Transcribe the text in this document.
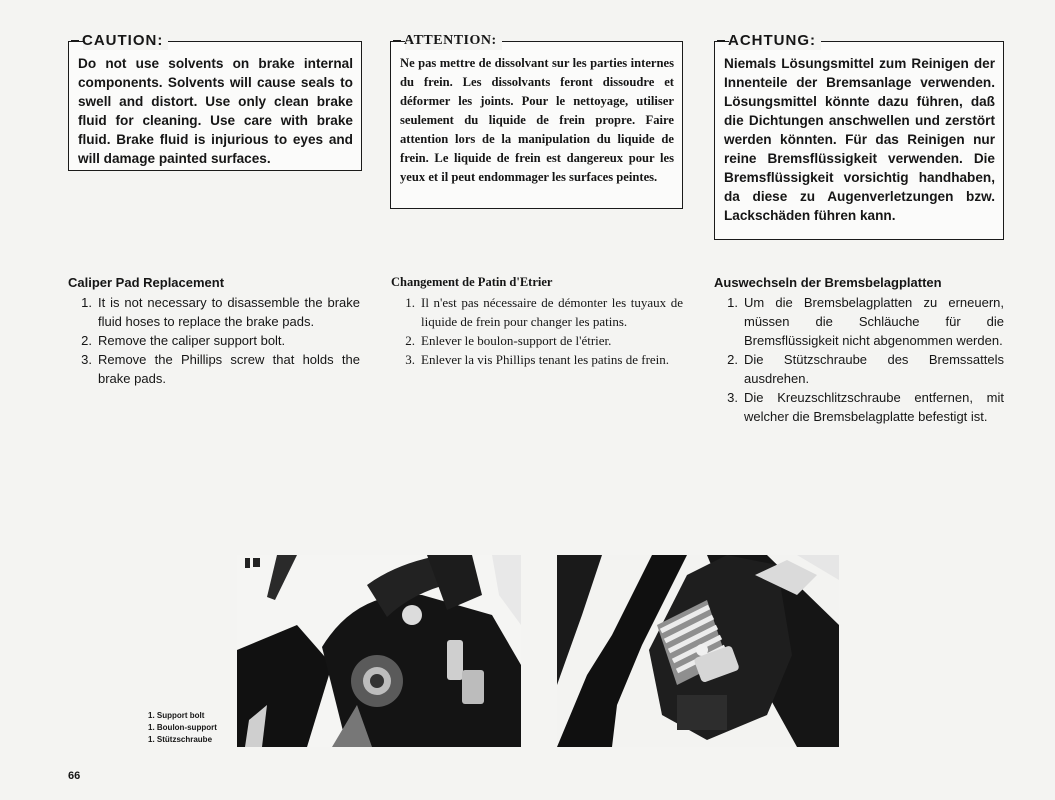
CAUTION:
Do not use solvents on brake internal components. Solvents will cause seals to swell and distort. Use only clean brake fluid for cleaning. Use care with brake fluid. Brake fluid is injurious to eyes and will damage painted surfaces.
ATTENTION:
Ne pas mettre de dissolvant sur les parties internes du frein. Les dissolvants feront dissoudre et déformer les joints. Pour le nettoyage, utiliser seulement du liquide de frein propre. Faire attention lors de la manipulation du liquide de frein. Le liquide de frein est dangereux pour les yeux et il peut endommager les surfaces peintes.
ACHTUNG:
Niemals Lösungsmittel zum Reinigen der Innenteile der Bremsanlage verwenden. Lösungsmittel könnte dazu führen, daß die Dichtungen anschwellen und zerstört werden könnten. Für das Reinigen nur reine Bremsflüssigkeit verwenden. Die Bremsflüssigkeit vorsichtig handhaben, da diese zu Augenverletzungen bzw. Lackschäden führen kann.
Caliper Pad Replacement
1. It is not necessary to disassemble the brake fluid hoses to replace the brake pads.
2. Remove the caliper support bolt.
3. Remove the Phillips screw that holds the brake pads.
Changement de Patin d'Etrier
1. Il n'est pas nécessaire de démonter les tuyaux de liquide de frein pour changer les patins.
2. Enlever le boulon-support de l'étrier.
3. Enlever la vis Phillips tenant les patins de frein.
Auswechseln der Bremsbelagplatten
1. Um die Bremsbelagplatten zu erneuern, müssen die Schläuche für die Bremsflüssigkeit nicht abgenommen werden.
2. Die Stützschraube des Bremssattels ausdrehen.
3. Die Kreuzschlitzschraube entfernen, mit welcher die Bremsbelagplatte befestigt ist.
1. Support bolt
1. Boulon-support
1. Stützschraube
66
